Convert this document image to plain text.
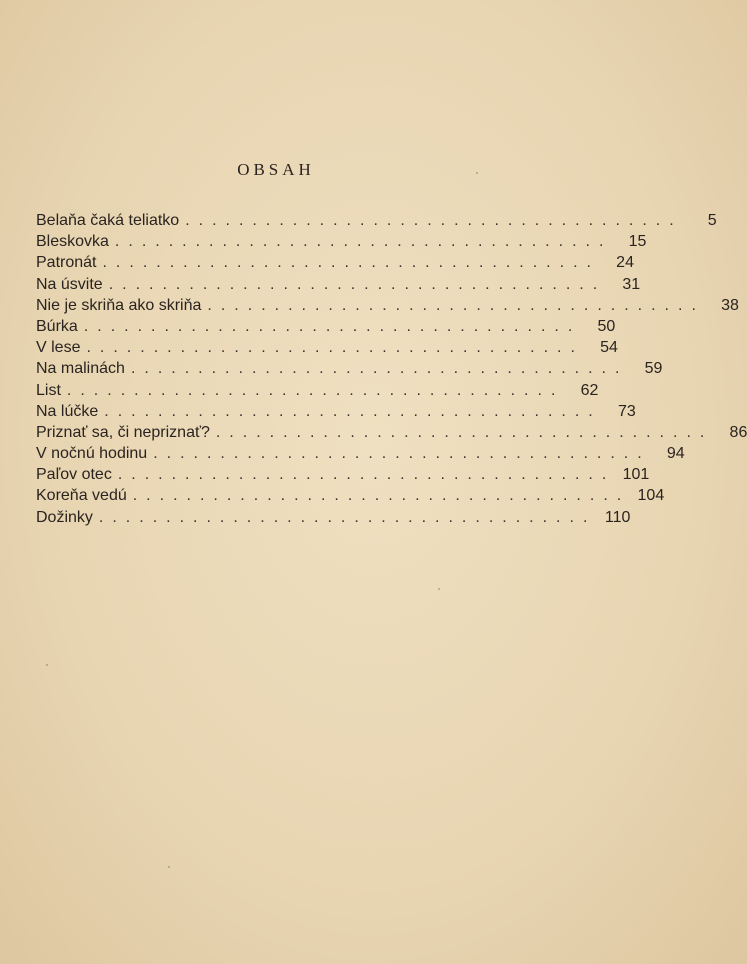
OBSAH
Belaňa čaká teliatko .....................................	5
Bleskovka .....................................	15
Patronát .....................................	24
Na úsvite .....................................	31
Nie je skriňa ako skriňa .....................................	38
Búrka .....................................	50
V lese .....................................	54
Na malinách .....................................	59
List .....................................	62
Na lúčke .....................................	73
Priznať sa, či nepriznať? .....................................	86
V nočnú hodinu .....................................	94
Paľov otec ..................................... 101
Koreňa vedú ..................................... 104
Dožinky ..................................... 110
